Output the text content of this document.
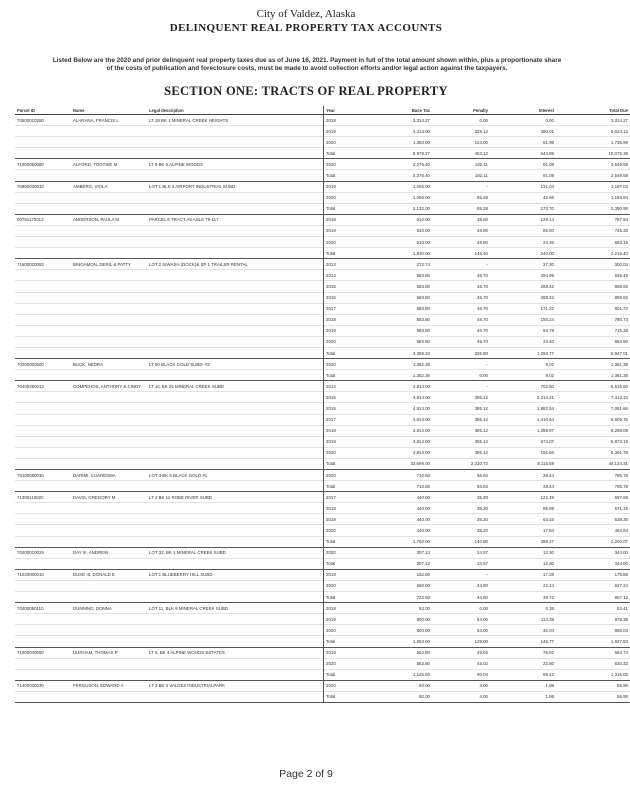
City of Valdez, Alaska
DELINQUENT REAL PROPERTY TAX ACCOUNTS
Listed Below are the 2020 and prior delinquent real property taxes due as of June 16, 2021. Payment in full of the total amount shown within, plus a proportionate share
of the costs of publication and foreclosure costs, must be made to avoid collection efforts and/or legal action against the taxpayers.
SECTION ONE: TRACTS OF REAL PROPERTY
Parcel ID	Name	Legal description	Year	Base Tax	Penalty	Interest	Total Due
70500010280	ALARANA, FRANCIS L	LT 28 BK 1 MINERAL CREEK HEIGHTS	2018	3,314.27	0.00	0.00	3,314.27
			2019	4,314.00	329.12	380.01	5,024.13
			2020	1,350.00	124.00	61.98	1,735.98
			Total	8,978.27	453.12	644.99	10,076.38
71000050080	ALFORD, TOOTSIE M	LT 8 BK 5 ALPINE WOODS	2020	2,276.40	182.11	91.08	2,549.59
			Total	2,276.40	182.11	91.08	2,549.59
70960030010	AMBERG, VIOLA	LOT 1 BLK 3 AIRPORT INDUSTRIAL SUBD	2019	1,066.00	-	131.04	1,197.04
			2020	1,066.00	85.28	42.66	1,193.94
			Total	2,132.00	85.28	173.70	2,390.98
00791170013	ANDERSON, PAULA M	PARCEL 6 TRACT A5 ASLS 79-117	2018	610.00	48.80	129.14	787.94
			2019	610.00	48.80	86.50	745.30
			2020	610.00	48.80	24.36	683.16
			Total	1,830.00	146.40	240.00	2,216.40
71600020082	BINGAMON, DERIL & PATTY	LOT 2 SIWASH (DOCK)& SP 1 TRAILER RENTAL	2013	272.74	-	27.30	300.04
			2014	583.80	46.70	294.99	925.49
			2015	583.80	46.70	268.42	898.92
			2016	583.80	46.70	269.42	899.92
			2017	583.80	46.70	171.22	801.72
			2018	583.80	46.70	150.24	780.74
			2019	583.80	46.70	84.78	715.28
			2020	583.80	46.70	23.40	653.90
			Total	4,359.34	326.90	1,260.77	5,947.01
70200000500	BUCK, NEDRA	LT 50 BLACK GOLD SUBD. #2	2020	1,352.36	-	9.02	1,361.38
			Total	1,352.36	0.00	9.02	1,361.38
70400250013	COMPEHOS, ANTHONY & CINDY	LT 1C BK 25 MINERAL CREEK SUBD	2014	4,814.00	-	702.50	5,516.50
			2015	4,814.00	385.12	2,214.21	7,413.33
			2016	4,814.00	385.12	1,882.54	7,081.66
			2017	4,814.00	385.12	1,410.64	6,609.76
			2018	4,814.00	385.12	1,059.97	6,259.09
			2019	4,814.00	385.12	674.07	5,873.19
			2020	4,814.00	385.12	192.66	5,391.78
			Total	33,698.00	2,310.72	8,115.59	44,124.31
70100050030	DARIMI, CUARESMA	LOT 3 BK 5 BLACK GOLD #1	2020	710.50	56.84	28.44	795.78
			Total	710.50	56.84	28.44	795.78
71300110020	DAVIS, GREGORY M	LT 2 BK 11 ROBE RIVER SUBD	2017	440.00	35.20	122.49	597.69
			2018	440.00	35.20	95.99	571.19
			2019	440.00	35.20	63.15	538.35
			2020	440.00	35.20	17.64	492.84
			Total	1,760.00	140.80	299.27	2,200.07
70400010029	DAY III, ANDREW	LOT 32, BK 1 MINERAL CREEK SUBD	2020	307.13	24.57	12.30	344.00
			Total	307.13	24.57	12.30	344.00
71020000010	DUKE III, DONALD E	LOT 1 BLUEBERRY HILL SUBD	2019	162.60	-	17.28	179.88
			2020	560.00	44.80	22.44	627.24
			Total	722.60	44.80	39.72	807.12
70400050110	DUNNING, DONNA	LOT 11, BLK 5 MINERAL CREEK SUBD	2018	53.00	0.00	0.35	53.41
			2019	800.00	64.00	114.38	978.38
			2020	800.00	64.00	32.04	896.04
			Total	1,653.00	128.00	146.77	1,927.83
71000040050	DURHAM, THOMAS P	LT 5, BK 4 ALPINE WOODS ESTATES	2019	562.80	45.02	76.92	684.74
			2020	562.80	45.02	22.50	630.32
			Total	1,125.60	90.04	99.42	1,315.06
71400030030	FERGUSON, EDWARD A	LT 3 BK 3 VALDEZ INDUSTRIALPARK	2020	50.00	4.00	1.98	55.98
			Total	50.00	4.00	1.98	55.98
Page 2 of 9
